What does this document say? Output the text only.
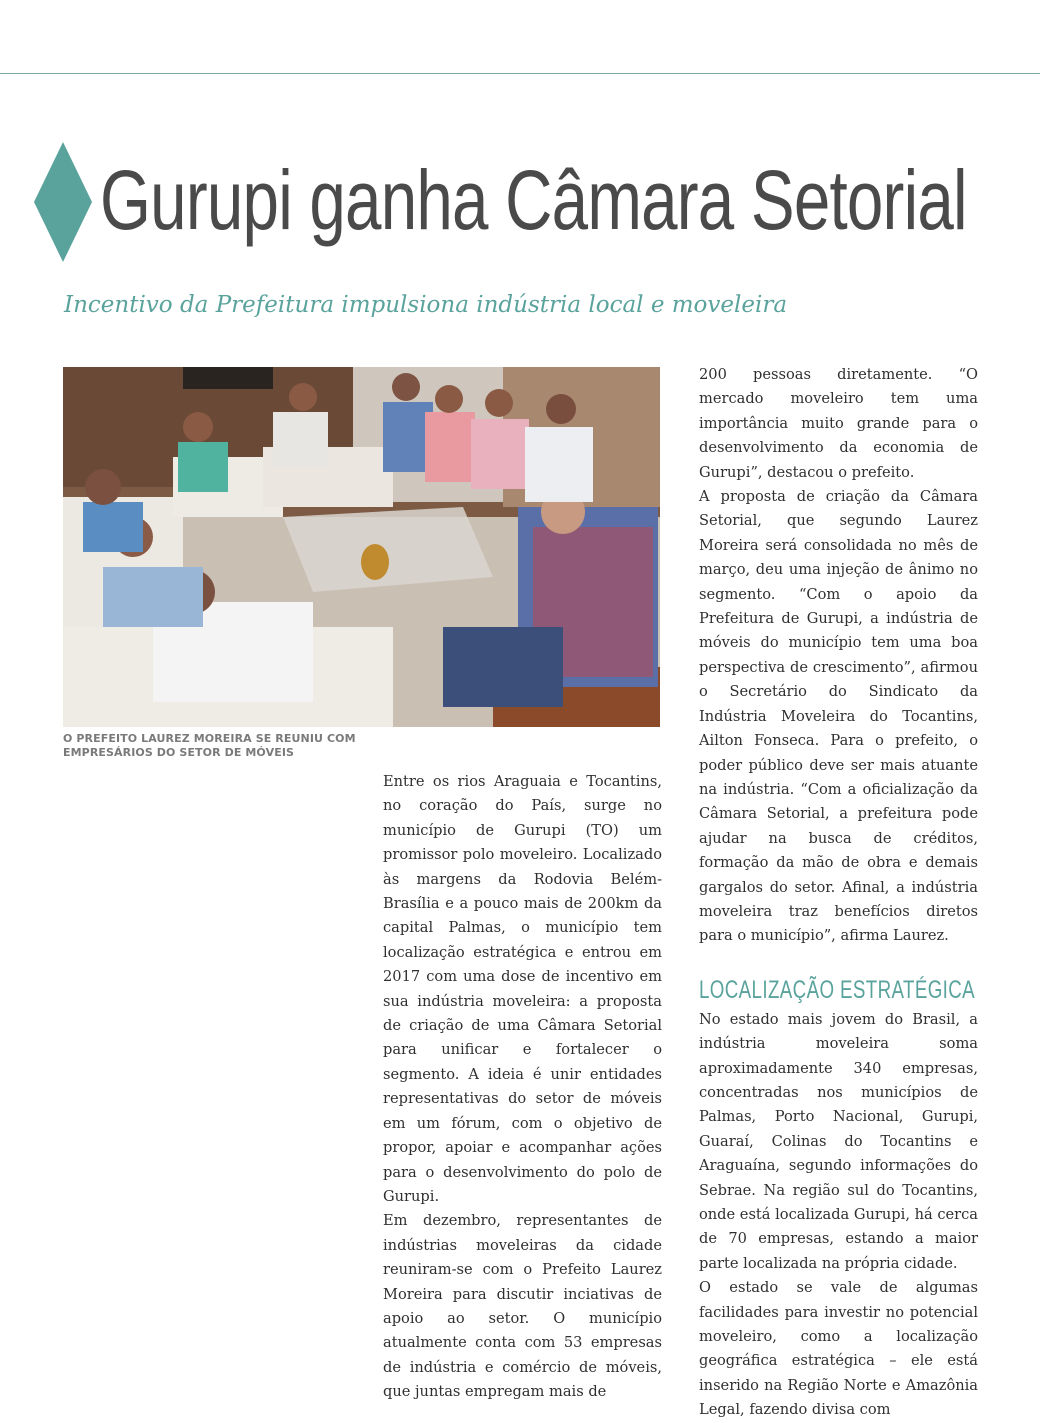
Gurupi ganha Câmara Setorial
Incentivo da Prefeitura impulsiona indústria local e moveleira
O PREFEITO LAUREZ MOREIRA SE REUNIU COM EMPRESÁRIOS DO SETOR DE MÓVEIS

Entre os rios Araguaia e Tocantins, no coração do País, surge no município de Gurupi (TO) um promissor polo moveleiro. Localizado às margens da Rodovia Belém-Brasília e a pouco mais de 200km da capital Palmas, o município tem localização estratégica e entrou em 2017 com uma dose de incentivo em sua indústria moveleira: a proposta de criação de uma Câmara Setorial para unificar e fortalecer o segmento. A ideia é unir entidades representativas do setor de móveis em um fórum, com o objetivo de propor, apoiar e acompanhar ações para o desenvolvimento do polo de Gurupi.

Em dezembro, representantes de indústrias moveleiras da cidade reuniram-se com o Prefeito Laurez Moreira para discutir inciativas de apoio ao setor. O município atualmente conta com 53 empresas de indústria e comércio de móveis, que juntas empregam mais de

200 pessoas diretamente. “O mercado moveleiro tem uma importância muito grande para o desenvolvimento da economia de Gurupi”, destacou o prefeito.

A proposta de criação da Câmara Setorial, que segundo Laurez Moreira será consolidada no mês de março, deu uma injeção de ânimo no segmento. “Com o apoio da Prefeitura de Gurupi, a indústria de móveis do município tem uma boa perspectiva de crescimento”, afirmou o Secretário do Sindicato da Indústria Moveleira do Tocantins, Ailton Fonseca. Para o prefeito, o poder público deve ser mais atuante na indústria. “Com a oficialização da Câmara Setorial, a prefeitura pode ajudar na busca de créditos, formação da mão de obra e demais gargalos do setor. Afinal, a indústria moveleira traz benefícios diretos para o município”, afirma Laurez.

LOCALIZAÇÃO ESTRATÉGICA

No estado mais jovem do Brasil, a indústria moveleira soma aproximadamente 340 empresas, concentradas nos municípios de Palmas, Porto Nacional, Gurupi, Guaraí, Colinas do Tocantins e Araguaína, segundo informações do Sebrae. Na região sul do Tocantins, onde está localizada Gurupi, há cerca de 70 empresas, estando a maior parte localizada na própria cidade.

O estado se vale de algumas facilidades para investir no potencial moveleiro, como a localização geográfica estratégica – ele está inserido na Região Norte e Amazônia Legal, fazendo divisa com
